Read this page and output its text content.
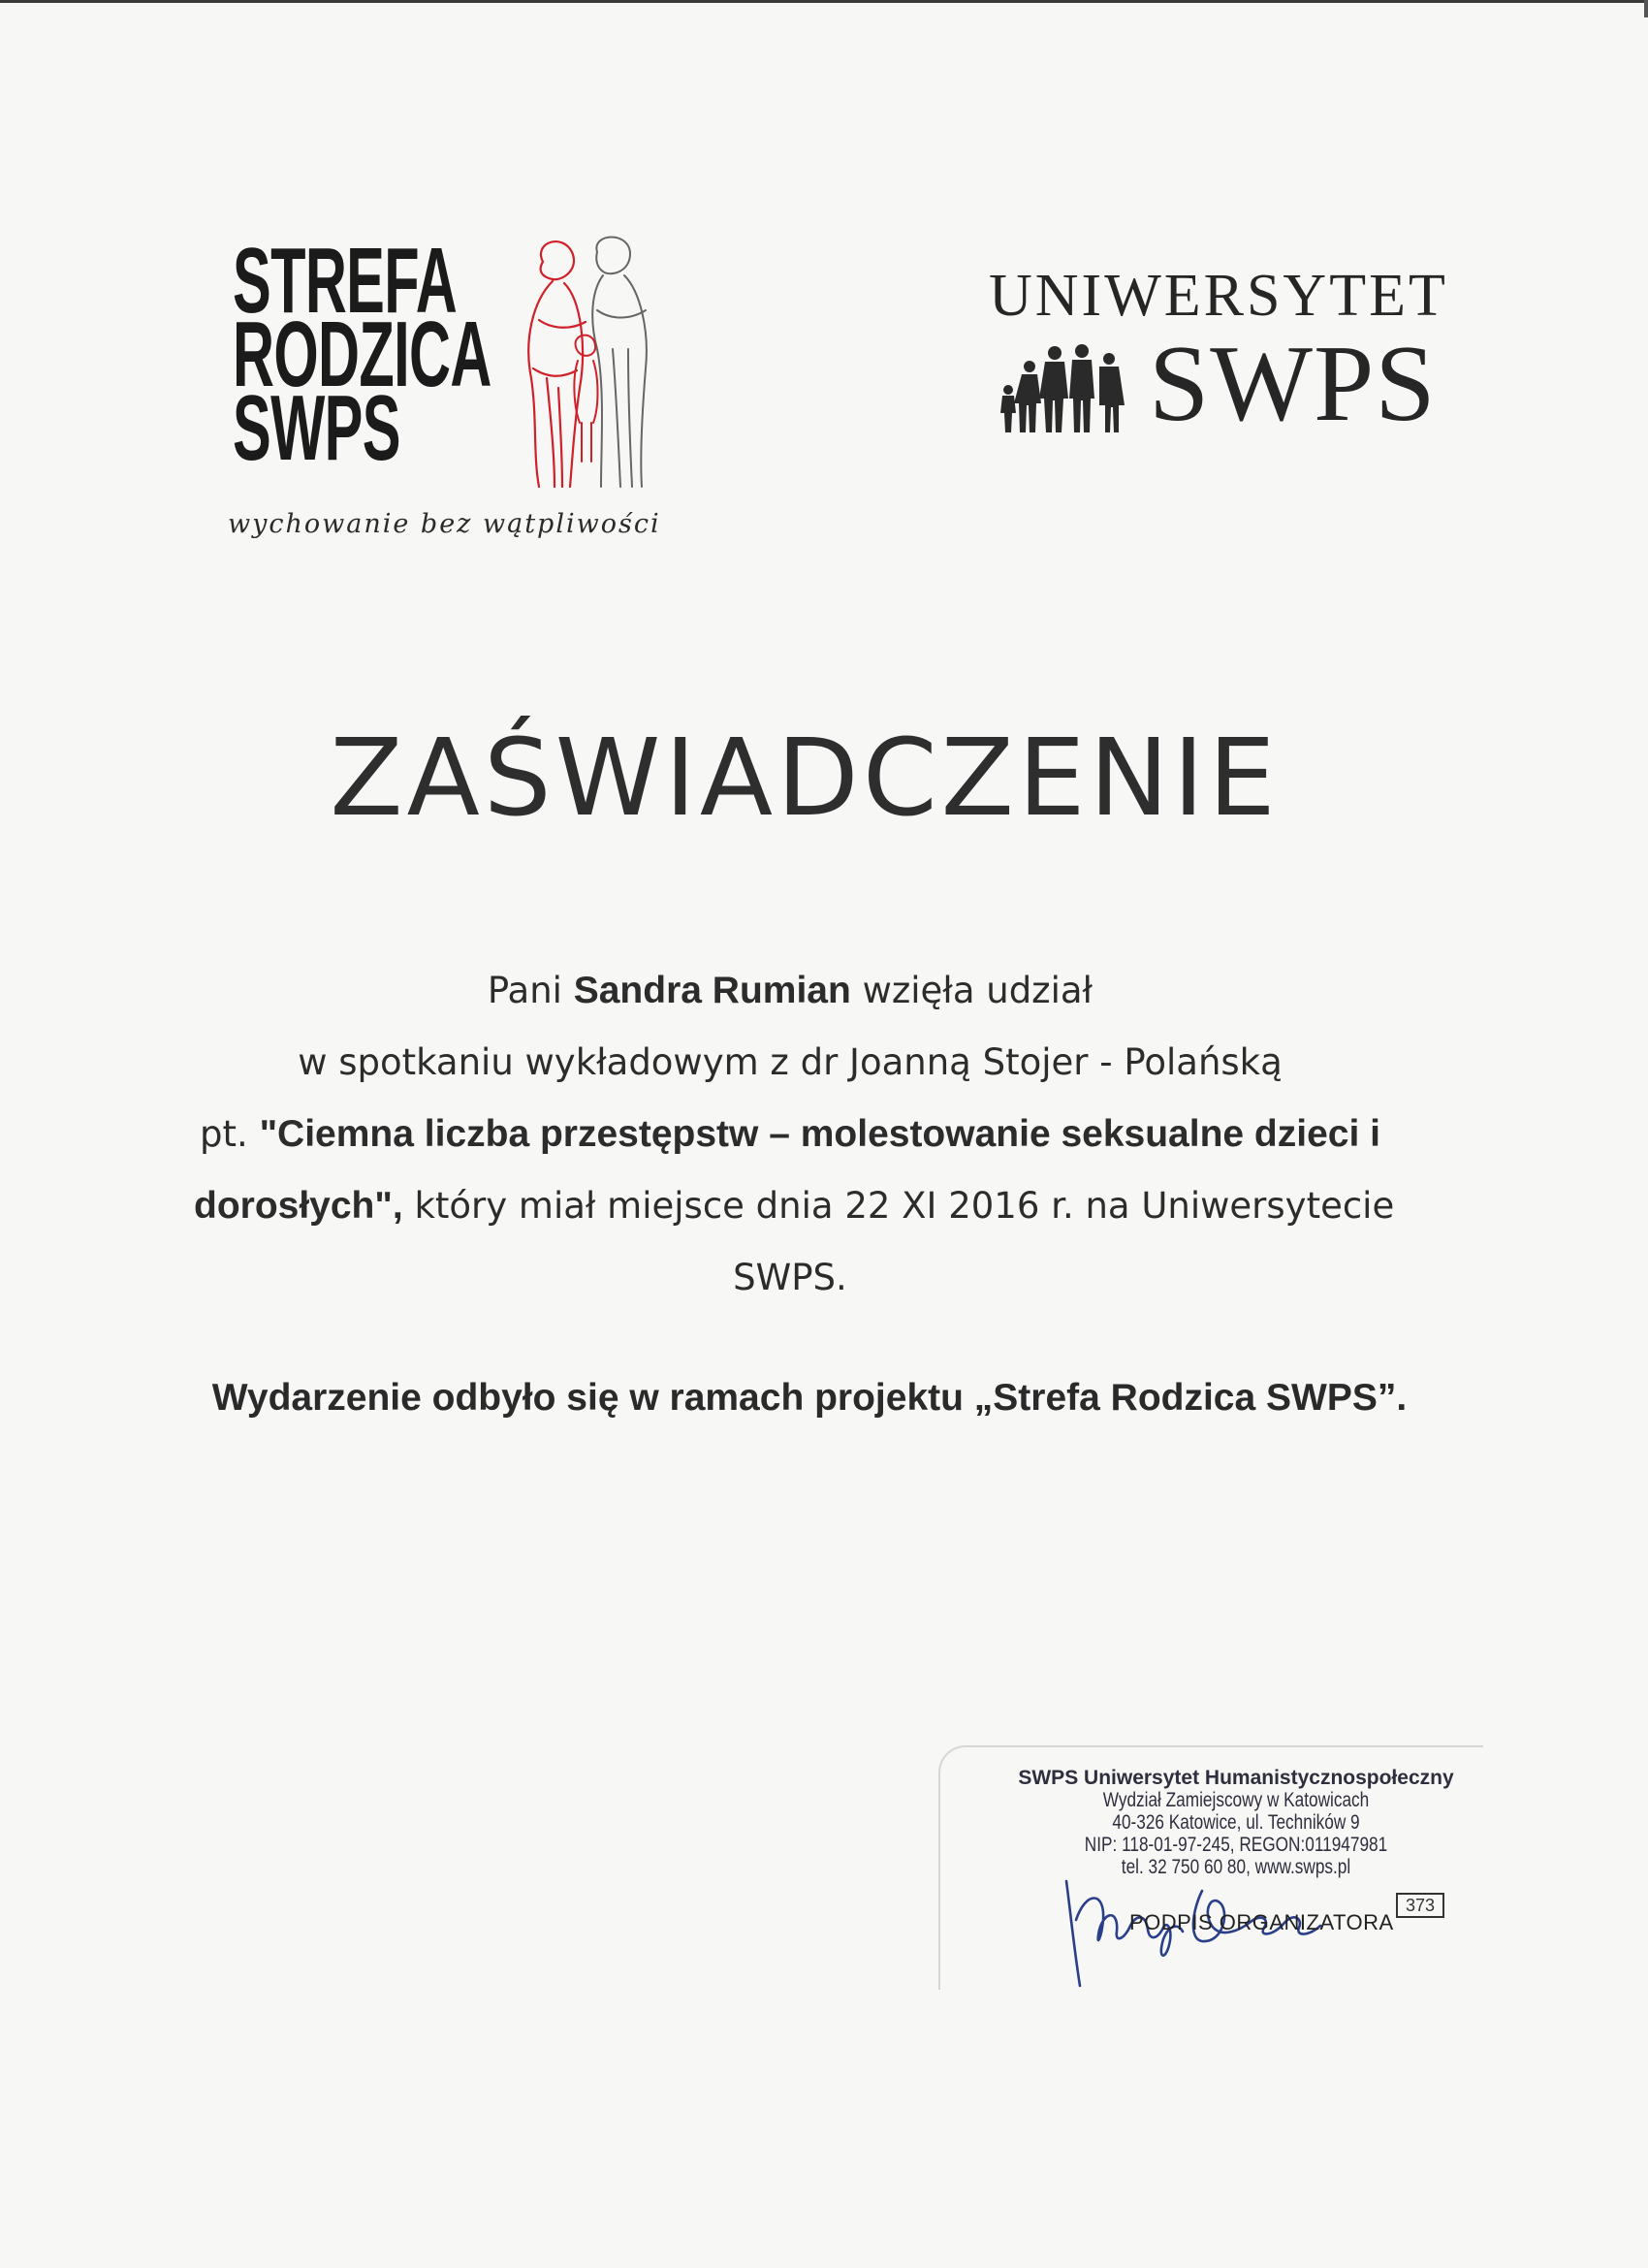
STREFA
RODZICA
SWPS
wychowanie bez wątpliwości
UNIWERSYTET
SWPS
ZAŚWIADCZENIE
Pani Sandra Rumian wzięła udział
w spotkaniu wykładowym z dr Joanną Stojer - Polańską
pt. "Ciemna liczba przestępstw – molestowanie seksualne dzieci i
dorosłych", który miał miejsce dnia 22 XI 2016 r. na Uniwersytecie
SWPS.
Wydarzenie odbyło się w ramach projektu „Strefa Rodzica SWPS”.
SWPS Uniwersytet Humanistycznospołeczny
Wydział Zamiejscowy w Katowicach
40-326 Katowice, ul. Techników 9
NIP: 118-01-97-245, REGON:011947981
tel. 32 750 60 80, www.swps.pl
373
PODPIS ORGANIZATORA
